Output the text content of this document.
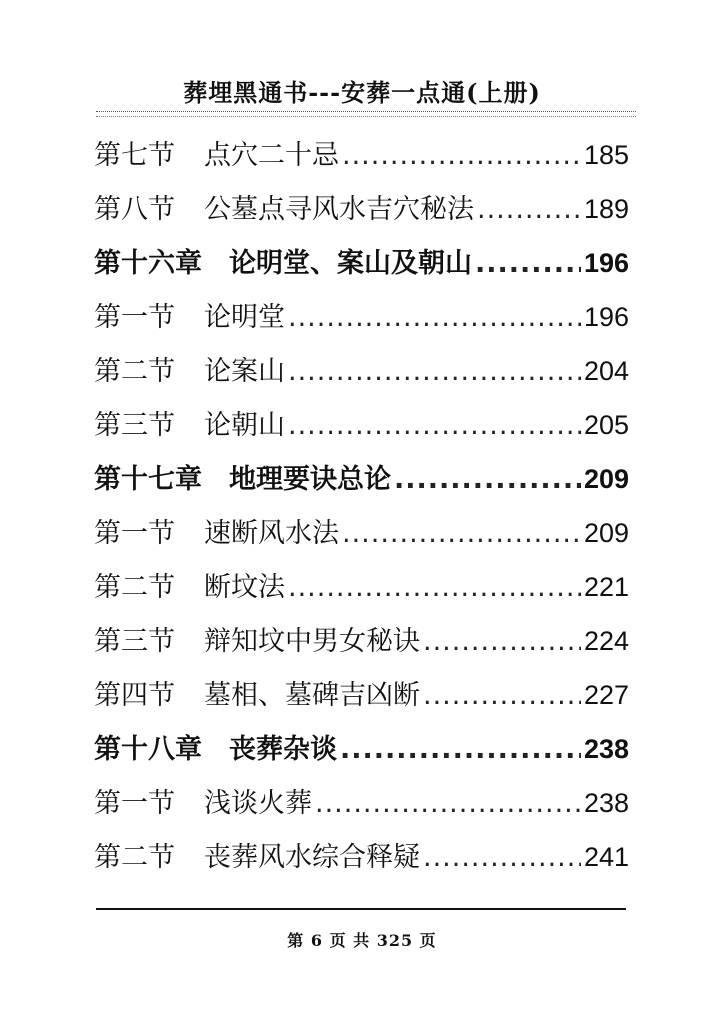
葬埋黑通书---安葬一点通(上册)
第七节	点穴二十忌 .....	185
第八节	公墓点寻风水吉穴秘法 .....	189
第十六章	论明堂、案山及朝山 .....	196
第一节	论明堂 .....	196
第二节	论案山 .....	204
第三节	论朝山 .....	205
第十七章	地理要诀总论 .....	209
第一节	速断风水法 .....	209
第二节	断坟法 .....	221
第三节	辩知坟中男女秘诀 .....	224
第四节	墓相、墓碑吉凶断 .....	227
第十八章	丧葬杂谈 .....	238
第一节	浅谈火葬 .....	238
第二节	丧葬风水综合释疑 .....	241
第 6 页 共 325 页
